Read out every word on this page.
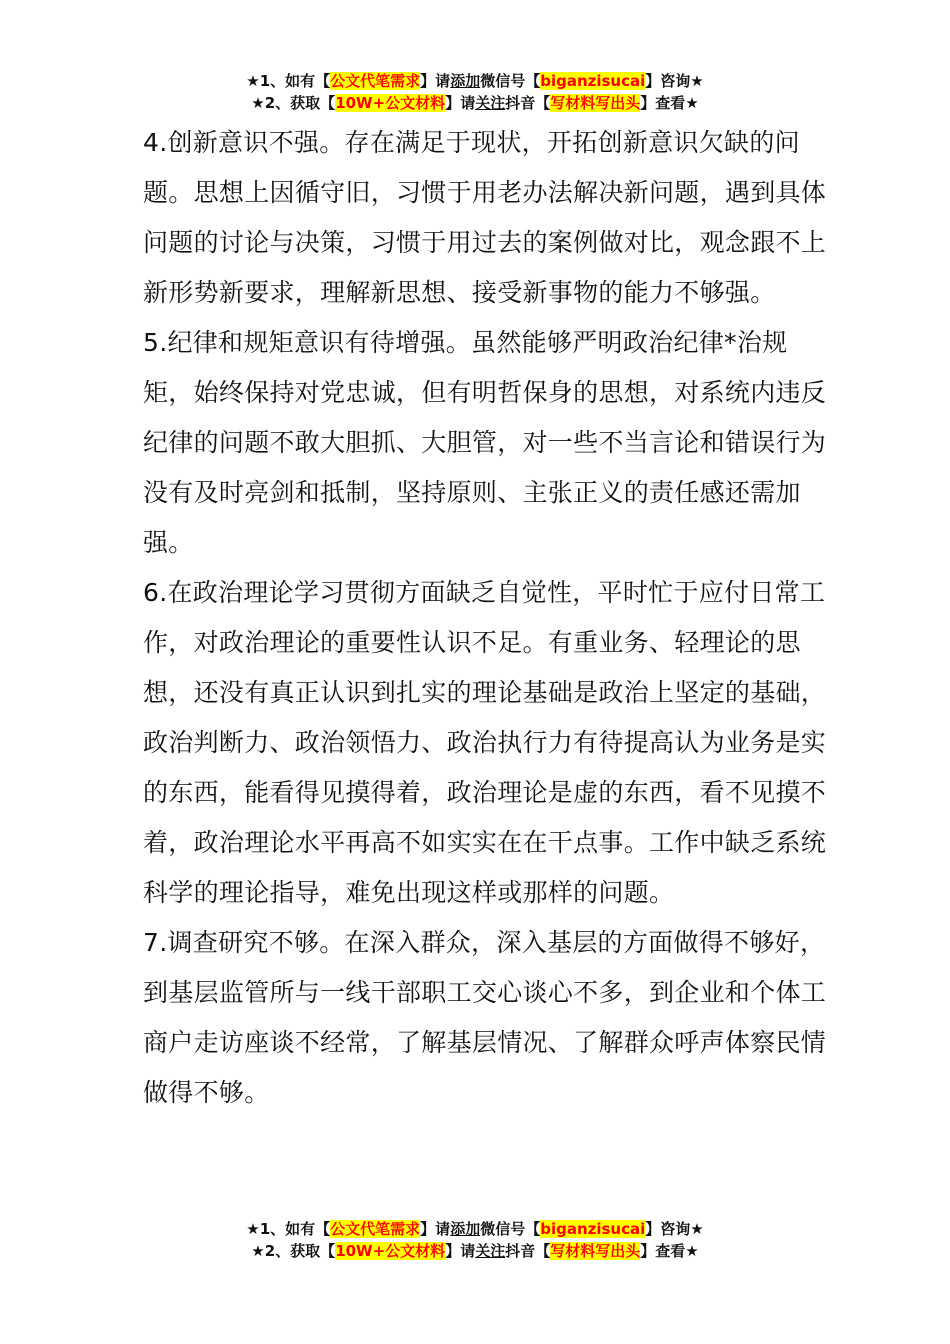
★1、如有【公文代笔需求】请添加微信号【biganzisucai】咨询★
★2、获取【10W+公文材料】请关注抖音【写材料写出头】查看★

4.创新意识不强。存在满足于现状，开拓创新意识欠缺的问题。思想上因循守旧，习惯于用老办法解决新问题，遇到具体问题的讨论与决策，习惯于用过去的案例做对比，观念跟不上新形势新要求，理解新思想、接受新事物的能力不够强。

5.纪律和规矩意识有待增强。虽然能够严明政治纪律*治规矩，始终保持对党忠诚，但有明哲保身的思想，对系统内违反纪律的问题不敢大胆抓、大胆管，对一些不当言论和错误行为没有及时亮剑和抵制，坚持原则、主张正义的责任感还需加强。

6.在政治理论学习贯彻方面缺乏自觉性，平时忙于应付日常工作，对政治理论的重要性认识不足。有重业务、轻理论的思想，还没有真正认识到扎实的理论基础是政治上坚定的基础，政治判断力、政治领悟力、政治执行力有待提高认为业务是实的东西，能看得见摸得着，政治理论是虚的东西，看不见摸不着，政治理论水平再高不如实实在在干点事。工作中缺乏系统科学的理论指导，难免出现这样或那样的问题。

7.调查研究不够。在深入群众，深入基层的方面做得不够好，到基层监管所与一线干部职工交心谈心不多，到企业和个体工商户走访座谈不经常，了解基层情况、了解群众呼声体察民情做得不够。

★1、如有【公文代笔需求】请添加微信号【biganzisucai】咨询★
★2、获取【10W+公文材料】请关注抖音【写材料写出头】查看★
